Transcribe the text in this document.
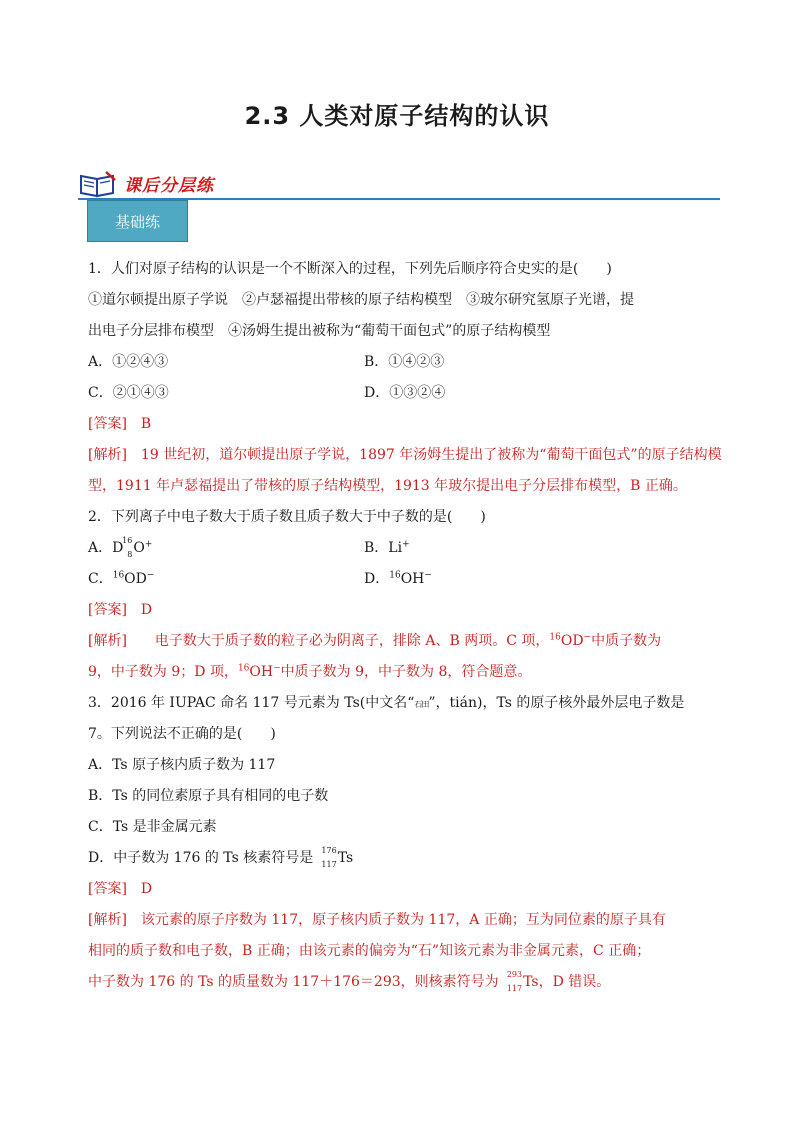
2.3 人类对原子结构的认识
课后分层练
基础练
1．人们对原子结构的认识是一个不断深入的过程，下列先后顺序符合史实的是(　　)
①道尔顿提出原子学说　②卢瑟福提出带核的原子结构模型　③玻尔研究氢原子光谱，提
出电子分层排布模型　④汤姆生提出被称为“葡萄干面包式”的原子结构模型
A．①②④③	B．①④②③
C．②①④③	D．①③②④
[答案]　B
[解析]　19 世纪初，道尔顿提出原子学说，1897 年汤姆生提出了被称为“葡萄干面包式”的原子结构模型，1911 年卢瑟福提出了带核的原子结构模型，1913 年玻尔提出电子分层排布模型，B 正确。
2．下列离子中电子数大于质子数且质子数大于中子数的是(　　)
A．D
16
8 O+	B．Li+
C．$^{16}$OD−	D．$^{16}$OH−
[答案]　D
[解析]　　电子数大于质子数的粒子必为阴离子，排除 A、B 两项。C 项，$^{16}$OD−中质子数为
9，中子数为 9；D 项，$^{16}$OH−中质子数为 9，中子数为 8，符合题意。
3．2016 年 IUPAC 命名 117 号元素为 Ts(中文名“石田”，tián)，Ts 的原子核外最外层电子数是
7。下列说法不正确的是(　　)
A．Ts 原子核内质子数为 117
B．Ts 的同位素原子具有相同的电子数
C．Ts 是非金属元素
D．中子数为 176 的 Ts 核素符号是 176
117 Ts
[答案]　D
[解析]　该元素的原子序数为 117，原子核内质子数为 117，A 正确；互为同位素的原子具有
相同的质子数和电子数，B 正确；由该元素的偏旁为“石”知该元素为非金属元素，C 正确；
中子数为 176 的 Ts 的质量数为 117＋176＝293，则核素符号为 293
117 Ts，D 错误。
